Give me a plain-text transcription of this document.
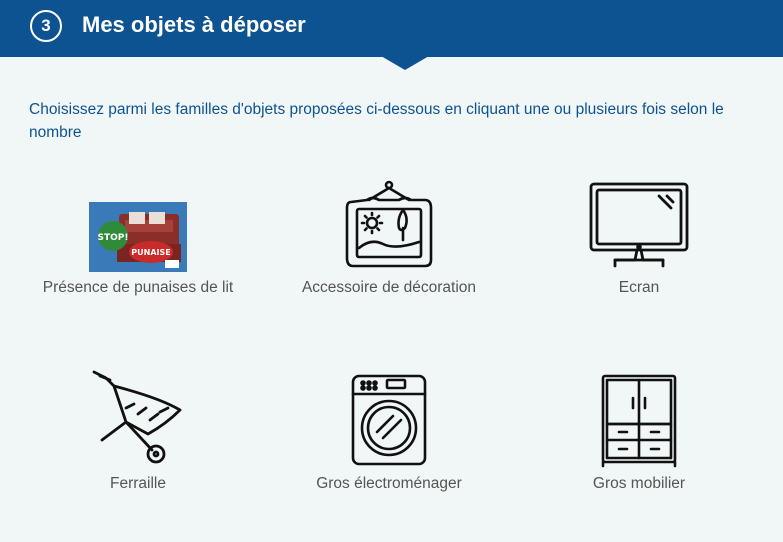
3	Mes objets à déposer
Choisissez parmi les familles d'objets proposées ci-dessous en cliquant une ou plusieurs fois selon le nombre
STOP!
PUNAISE
Présence de punaises de lit	Accessoire de décoration	Ecran
Ferraille	Gros électroménager	Gros mobilier
